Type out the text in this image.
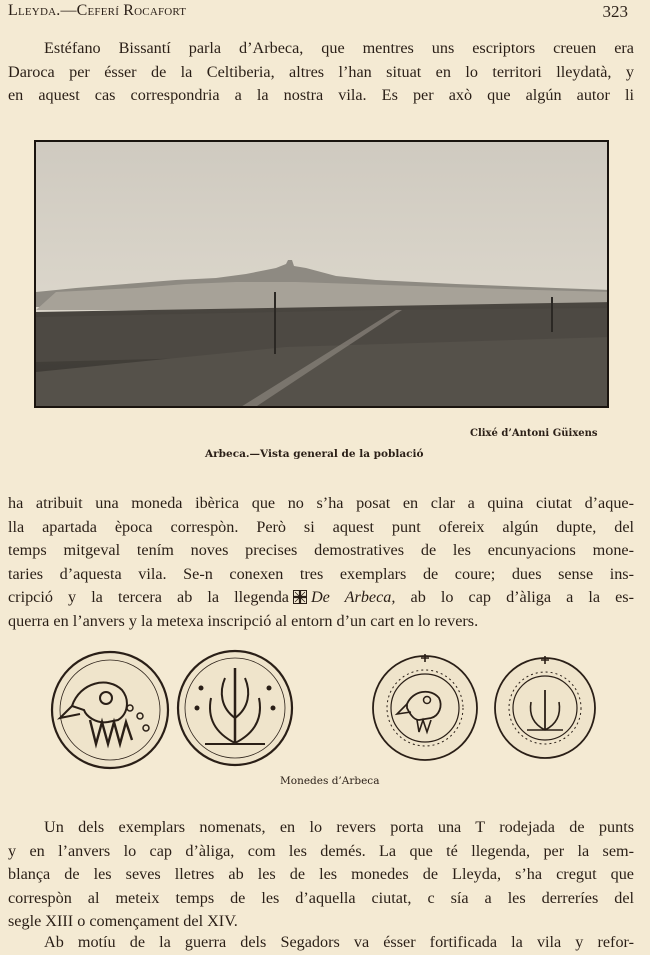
Lleyda.—Ceferí Rocafort	323

Estéfano Bissantí parla d’Arbeca, que mentres uns escriptors creuen era
Daroca per ésser de la Celtiberia, altres l’han situat en lo territori lleydatà, y
en aquest cas correspondria a la nostra vila. Es per axò que algún autor li

Clixé d’Antoni Güixens
Arbeca.—Vista general de la població

ha atribuit una moneda ibèrica que no s’ha posat en clar a quina ciutat d’aque-
lla apartada època correspòn. Però si aquest punt ofereix algún dupte, del
temps mitgeval tením noves precises demostratives de les encunyacions mone-
taries d’aquesta vila. Se-n conexen tres exemplars de coure; dues sense ins-
cripció y la tercera ab la llegenda De Arbeca, ab lo cap d’àliga a la es-
querra en l’anvers y la metexa inscripció al entorn d’un cart en lo revers.

Monedes d’Arbeca

Un dels exemplars nomenats, en lo revers porta una T rodejada de punts
y en l’anvers lo cap d’àliga, com les demés. La que té llegenda, per la sem-
blança de les seves lletres ab les de les monedes de Lleyda, s’ha cregut que
correspòn al meteix temps de les d’aquella ciutat, c sía a les derreríes del
segle XIII o començament del XIV.

Ab motíu de la guerra dels Segadors va ésser fortificada la vila y refor-
